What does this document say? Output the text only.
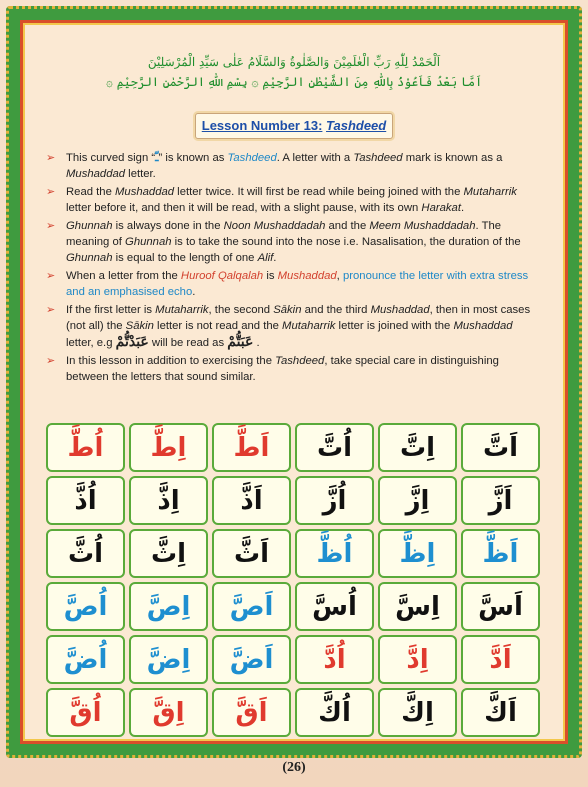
اَلْحَمْدُ لِلّٰهِ رَبِّ الْعٰلَمِيْنَ وَالصَّلٰوةُ وَالسَّلَامُ عَلٰى سَيِّدِ الْمُرْسَلِيْنَ
اَمَّا بَعْدُ فَاَعُوْذُ بِاللّٰهِ مِنَ الشَّيْطٰنِ الرَّجِيْمِ ۞ بِسْمِ اللّٰهِ الرَّحْمٰنِ الرَّحِيْمِ ۞
Lesson Number 13: Tashdeed
➢ This curved sign “ـّ” is known as Tashdeed. A letter with a Tashdeed mark is known as a Mushaddad letter.
➢ Read the Mushaddad letter twice. It will first be read while being joined with the Mutaharrik letter before it, and then it will be read, with a slight pause, with its own Harakat.
➢ Ghunnah is always done in the Noon Mushaddadah and the Meem Mushaddadah. The meaning of Ghunnah is to take the sound into the nose i.e. Nasalisation, the duration of the Ghunnah is equal to the length of one Alif.
➢ When a letter from the Huroof Qalqalah is Mushaddad, pronounce the letter with extra stress and an emphasised echo.
➢ If the first letter is Mutaharrik, the second Sākin and the third Mushaddad, then in most cases (not all) the Sākin letter is not read and the Mutaharrik letter is joined with the Mushaddad letter, e.g عَبَدْتُّمْ will be read as عَبَتُّمْ .
➢ In this lesson in addition to exercising the Tashdeed, take special care in distinguishing between the letters that sound similar.
اُطَّ	اِطَّ	اَطَّ	اُتَّ	اِتَّ	اَتَّ
اُذَّ	اِذَّ	اَذَّ	اُزَّ	اِزَّ	اَزَّ
اُثَّ	اِثَّ	اَثَّ	اُظَّ	اِظَّ	اَظَّ
اُصَّ	اِصَّ	اَصَّ	اُسَّ	اِسَّ	اَسَّ
اُضَّ	اِضَّ	اَضَّ	اُدَّ	اِدَّ	اَدَّ
اُقَّ	اِقَّ	اَقَّ	اُكَّ	اِكَّ	اَكَّ
(26)
